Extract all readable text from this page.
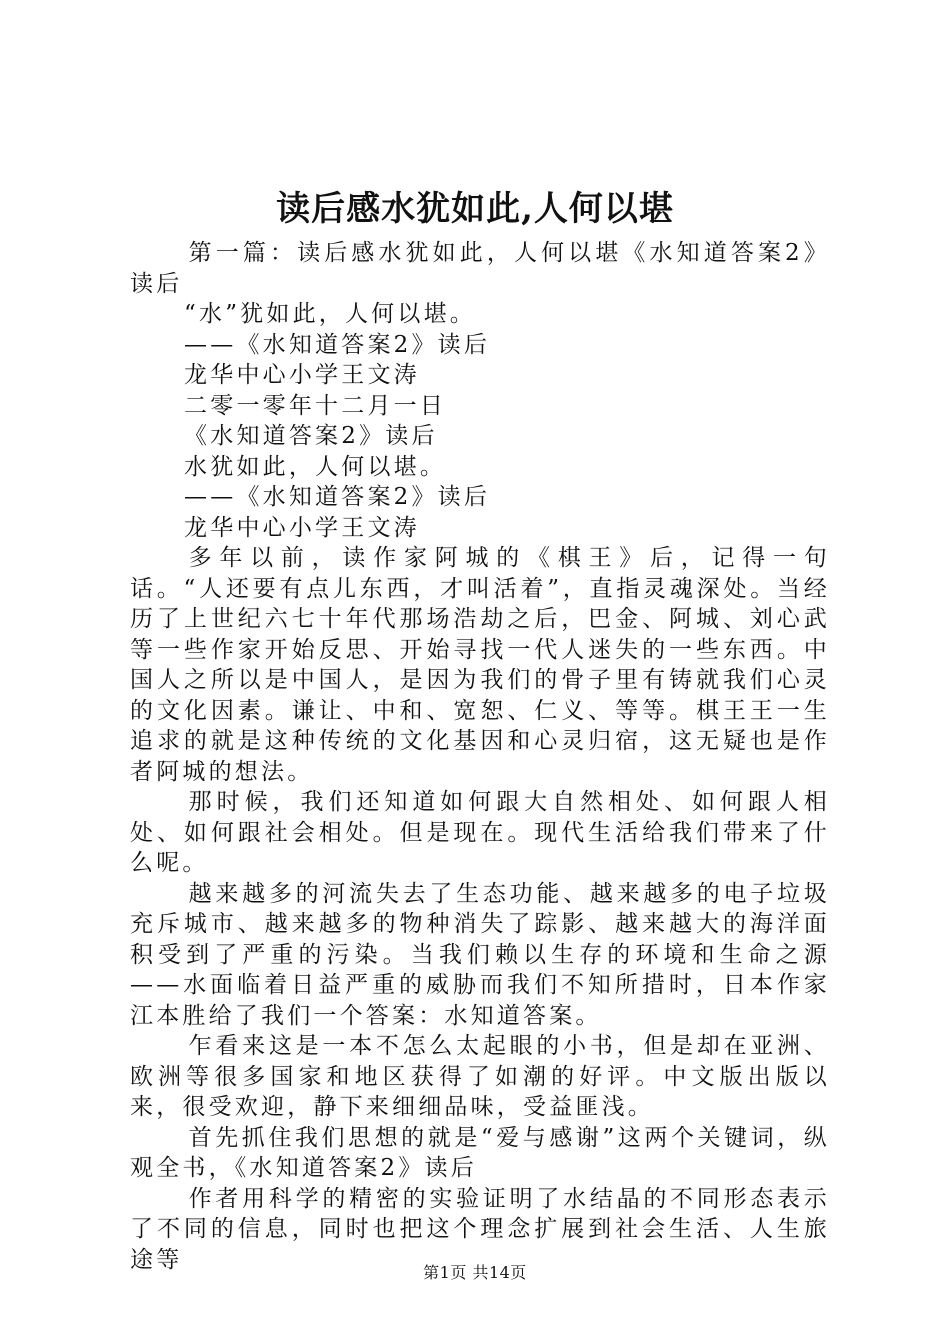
读后感水犹如此,人何以堪

第一篇：读后感水犹如此，人何以堪《水知道答案2》读后

“水”犹如此，人何以堪。

——《水知道答案2》读后

龙华中心小学王文涛

二零一零年十二月一日

《水知道答案2》读后

水犹如此，人何以堪。

——《水知道答案2》读后

龙华中心小学王文涛

多年以前，读作家阿城的《棋王》后，记得一句话。“人还要有点儿东西，才叫活着”，直指灵魂深处。当经历了上世纪六七十年代那场浩劫之后，巴金、阿城、刘心武等一些作家开始反思、开始寻找一代人迷失的一些东西。中国人之所以是中国人，是因为我们的骨子里有铸就我们心灵的文化因素。谦让、中和、宽恕、仁义、等等。棋王王一生追求的就是这种传统的文化基因和心灵归宿，这无疑也是作者阿城的想法。

那时候，我们还知道如何跟大自然相处、如何跟人相处、如何跟社会相处。但是现在。现代生活给我们带来了什么呢。

越来越多的河流失去了生态功能、越来越多的电子垃圾充斥城市、越来越多的物种消失了踪影、越来越大的海洋面积受到了严重的污染。当我们赖以生存的环境和生命之源——水面临着日益严重的威胁而我们不知所措时，日本作家江本胜给了我们一个答案：水知道答案。

乍看来这是一本不怎么太起眼的小书，但是却在亚洲、欧洲等很多国家和地区获得了如潮的好评。中文版出版以来，很受欢迎，静下来细细品味，受益匪浅。

首先抓住我们思想的就是“爱与感谢”这两个关键词，纵观全书，《水知道答案2》读后

作者用科学的精密的实验证明了水结晶的不同形态表示了不同的信息，同时也把这个理念扩展到社会生活、人生旅途等	第1页 共14页
